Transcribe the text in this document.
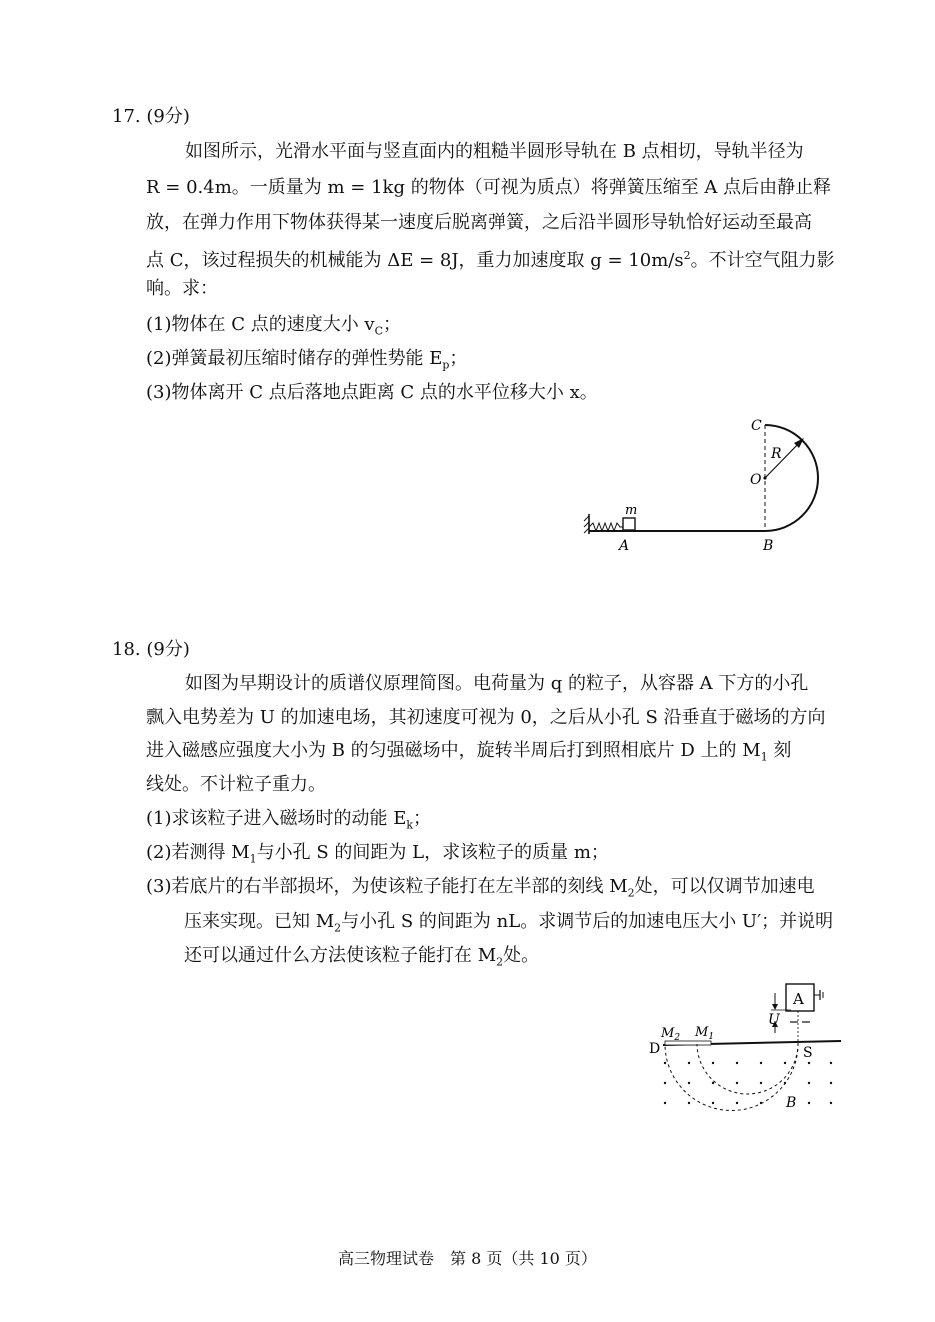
17. (9分)
如图所示，光滑水平面与竖直面内的粗糙半圆形导轨在 B 点相切，导轨半径为
R = 0.4m。一质量为 m = 1kg 的物体（可视为质点）将弹簧压缩至 A 点后由静止释
放，在弹力作用下物体获得某一速度后脱离弹簧，之后沿半圆形导轨恰好运动至最高
点 C，该过程损失的机械能为 ΔE = 8J，重力加速度取 $g = 10m/s^2$。不计空气阻力影
响。求：
(1)物体在 C 点的速度大小 $v_C$；
(2)弹簧最初压缩时储存的弹性势能 $E_p$；
(3)物体离开 C 点后落地点距离 C 点的水平位移大小 x。
C
R
O
m
A	B
18. (9分)
如图为早期设计的质谱仪原理简图。电荷量为 q 的粒子，从容器 A 下方的小孔
飘入电势差为 U 的加速电场，其初速度可视为 0，之后从小孔 S 沿垂直于磁场的方向
进入磁感应强度大小为 B 的匀强磁场中，旋转半周后打到照相底片 D 上的 $M_1$ 刻
线处。不计粒子重力。
(1)求该粒子进入磁场时的动能 $E_k$；
(2)若测得 $M_1$与小孔 S 的间距为 L，求该粒子的质量 m；
(3)若底片的右半部损坏，为使该粒子能打在左半部的刻线 $M_2$处，可以仅调节加速电
压来实现。已知 $M_2$与小孔 S 的间距为 nL。求调节后的加速电压大小 U′；并说明
还可以通过什么方法使该粒子能打在 $M_2$处。
A
U
$M_2$ $M_1$
D	S
B
高三物理试卷　第 8 页（共 10 页）
